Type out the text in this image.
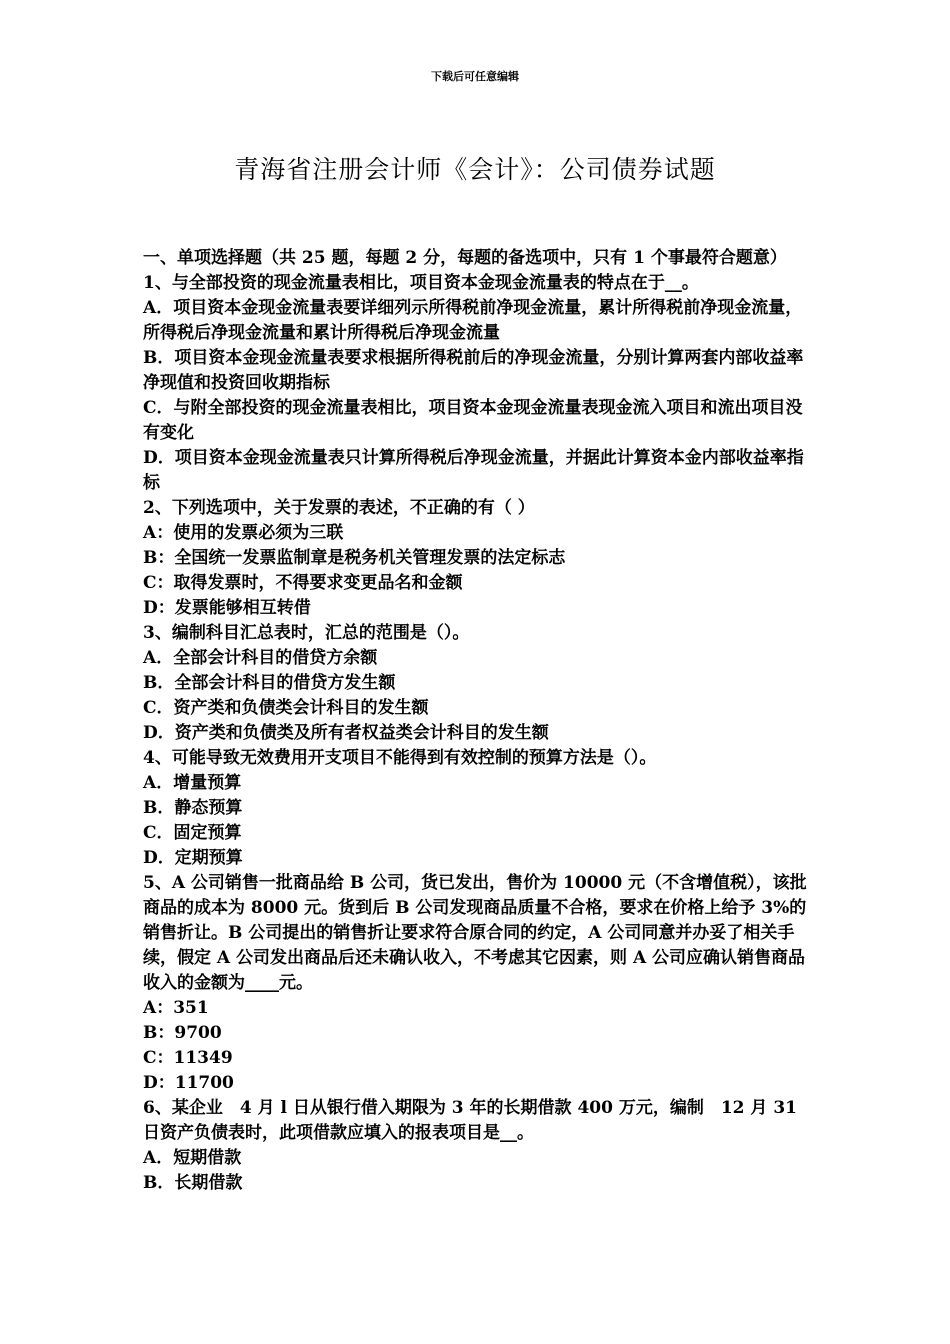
下载后可任意编辑
青海省注册会计师《会计》：公司债券试题

一、单项选择题（共 25 题，每题 2 分，每题的备选项中，只有 1 个事最符合题意）

1、与全部投资的现金流量表相比，项目资本金现金流量表的特点在于__。

A．项目资本金现金流量表要详细列示所得税前净现金流量，累计所得税前净现金流量，所得税后净现金流量和累计所得税后净现金流量

B．项目资本金现金流量表要求根据所得税前后的净现金流量，分别计算两套内部收益率净现值和投资回收期指标

C．与附全部投资的现金流量表相比，项目资本金现金流量表现金流入项目和流出项目没有变化

D．项目资本金现金流量表只计算所得税后净现金流量，并据此计算资本金内部收益率指标

2、下列选项中，关于发票的表述，不正确的有（ ）

A：使用的发票必须为三联

B：全国统一发票监制章是税务机关管理发票的法定标志

C：取得发票时，不得要求变更品名和金额

D：发票能够相互转借

3、编制科目汇总表时，汇总的范围是（）。

A．全部会计科目的借贷方余额

B．全部会计科目的借贷方发生额

C．资产类和负债类会计科目的发生额

D．资产类和负债类及所有者权益类会计科目的发生额

4、可能导致无效费用开支项目不能得到有效控制的预算方法是（）。

A．增量预算

B．静态预算

C．固定预算

D．定期预算

5、A 公司销售一批商品给 B 公司，货已发出，售价为 10000 元（不含增值税），该批商品的成本为 8000 元。货到后 B 公司发现商品质量不合格，要求在价格上给予 3%的销售折让。B 公司提出的销售折让要求符合原合同的约定，A 公司同意并办妥了相关手续，假定 A 公司发出商品后还未确认收入，不考虑其它因素，则 A 公司应确认销售商品收入的金额为____元。

A：351

B：9700

C：11349

D：11700

6、某企业　4 月 l 日从银行借入期限为 3 年的长期借款 400 万元，编制　12 月 31 日资产负债表时，此项借款应填入的报表项目是__。

A．短期借款

B．长期借款
